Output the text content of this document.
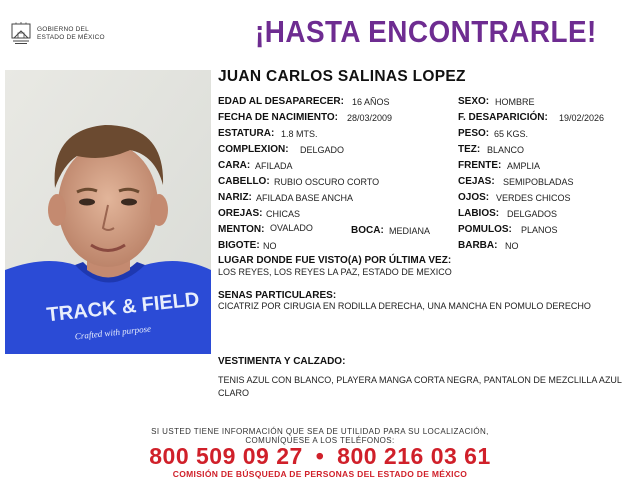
GOBIERNO DEL
ESTADO DE MÉXICO	¡HASTA ENCONTRARLE!
TRACK & FIELD
Crafted with purpose
JUAN CARLOS SALINAS LOPEZ
EDAD AL DESAPARECER: 16 AÑOS	SEXO: HOMBRE
FECHA DE NACIMIENTO: 28/03/2009	F. DESAPARICIÓN: 19/02/2026
ESTATURA: 1.8 MTS.	PESO: 65 KGS.
COMPLEXION: DELGADO	TEZ: BLANCO
CARA: AFILADA	FRENTE: AMPLIA
CABELLO: RUBIO OSCURO CORTO	CEJAS: SEMIPOBLADAS
NARIZ: AFILADA BASE ANCHA	OJOS: VERDES CHICOS
OREJAS: CHICAS	LABIOS: DELGADOS
MENTON: OVALADO	BOCA: MEDIANA	POMULOS: PLANOS
BIGOTE: NO	BARBA: NO
LUGAR DONDE FUE VISTO(A) POR ÚLTIMA VEZ:
LOS REYES, LOS REYES LA PAZ, ESTADO DE MEXICO
SENAS PARTICULARES:
CICATRIZ POR CIRUGIA EN RODILLA DERECHA, UNA MANCHA EN POMULO DERECHO
VESTIMENTA Y CALZADO:
TENIS AZUL CON BLANCO, PLAYERA MANGA CORTA NEGRA, PANTALON DE MEZCLILLA AZUL CLARO
SI USTED TIENE INFORMACIÓN QUE SEA DE UTILIDAD PARA SU LOCALIZACIÓN,
COMUNÍQUESE A LOS TELÉFONOS:
800 509 09 27 • 800 216 03 61
COMISIÓN DE BÚSQUEDA DE PERSONAS DEL ESTADO DE MÉXICO
